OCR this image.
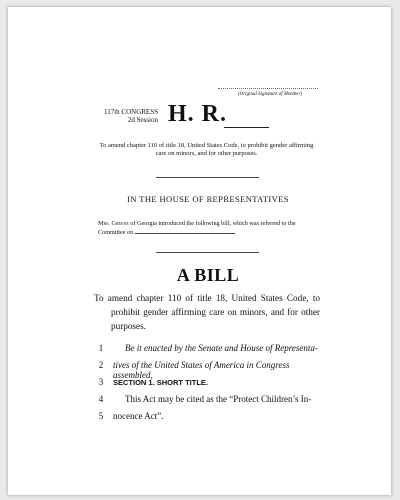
(Original Signature of Member)
117th CONGRESS
2d Session H. R.
To amend chapter 110 of title 18, United States Code, to prohibit gender affirming care on minors, and for other purposes.
IN THE HOUSE OF REPRESENTATIVES
Mrs. Greene of Georgia introduced the following bill; which was referred to the Committee on
A BILL
To amend chapter 110 of title 18, United States Code, to prohibit gender affirming care on minors, and for other purposes.
1	Be it enacted by the Senate and House of Representa-
2	tives of the United States of America in Congress assembled,
3	SECTION 1. SHORT TITLE.
4	This Act may be cited as the “Protect Children’s In-
5	nocence Act”.
